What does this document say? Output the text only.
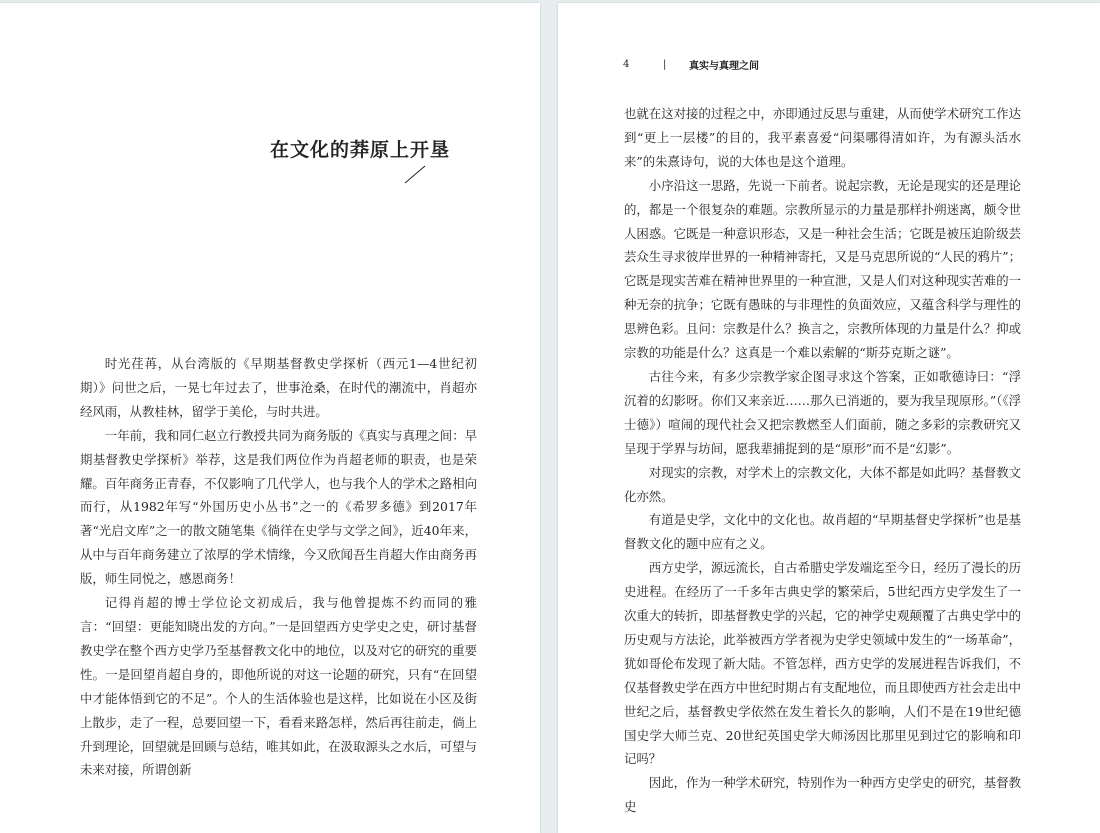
在文化的莽原上开垦

时光荏苒，从台湾版的《早期基督教史学探析（西元1—4世纪初期）》问世之后，一晃七年过去了，世事沧桑，在时代的潮流中，肖超亦经风雨，从教桂林，留学于美伦，与时共进。

一年前，我和同仁赵立行教授共同为商务版的《真实与真理之间：早期基督教史学探析》举荐，这是我们两位作为肖超老师的职责，也是荣耀。百年商务正青春，不仅影响了几代学人，也与我个人的学术之路相向而行，从1982年写“外国历史小丛书”之一的《希罗多德》到2017年著“光启文库”之一的散文随笔集《徜徉在史学与文学之间》，近40年来，从中与百年商务建立了浓厚的学术情缘，今又欣闻吾生肖超大作由商务再版，师生同悦之，感恩商务！

记得肖超的博士学位论文初成后，我与他曾提炼不约而同的雅言：“回望：更能知晓出发的方向。”一是回望西方史学史之史，研讨基督教史学在整个西方史学乃至基督教文化中的地位，以及对它的研究的重要性。一是回望肖超自身的，即他所说的对这一论题的研究，只有“在回望中才能体悟到它的不足”。个人的生活体验也是这样，比如说在小区及街上散步，走了一程，总要回望一下，看看来路怎样，然后再往前走，倘上升到理论，回望就是回顾与总结，唯其如此，在汲取源头之水后，可望与未来对接，所谓创新

4	|	真实与真理之间

也就在这对接的过程之中，亦即通过反思与重建，从而使学术研究工作达到“更上一层楼”的目的，我平素喜爱“问渠哪得清如许，为有源头活水来”的朱熹诗句，说的大体也是这个道理。

小序沿这一思路，先说一下前者。说起宗教，无论是现实的还是理论的，都是一个很复杂的难题。宗教所显示的力量是那样扑朔迷离，颇令世人困惑。它既是一种意识形态，又是一种社会生活；它既是被压迫阶级芸芸众生寻求彼岸世界的一种精神寄托，又是马克思所说的“人民的鸦片”；它既是现实苦难在精神世界里的一种宣泄，又是人们对这种现实苦难的一种无奈的抗争；它既有愚昧的与非理性的负面效应，又蕴含科学与理性的思辨色彩。且问：宗教是什么？换言之，宗教所体现的力量是什么？抑或宗教的功能是什么？这真是一个难以索解的“斯芬克斯之谜”。

古往今来，有多少宗教学家企图寻求这个答案，正如歌德诗曰：“浮沉着的幻影呀。你们又来亲近……那久已消逝的，要为我呈现原形。”（《浮士德》）喧闹的现代社会又把宗教燃至人们面前，随之多彩的宗教研究又呈现于学界与坊间，愿我辈捕捉到的是“原形”而不是“幻影”。

对现实的宗教，对学术上的宗教文化，大体不都是如此吗？基督教文化亦然。

有道是史学，文化中的文化也。故肖超的“早期基督史学探析”也是基督教文化的题中应有之义。

西方史学，源远流长，自古希腊史学发端迄至今日，经历了漫长的历史进程。在经历了一千多年古典史学的繁荣后，5世纪西方史学发生了一次重大的转折，即基督教史学的兴起，它的神学史观颠覆了古典史学中的历史观与方法论，此举被西方学者视为史学史领域中发生的“一场革命”，犹如哥伦布发现了新大陆。不管怎样，西方史学的发展进程告诉我们，不仅基督教史学在西方中世纪时期占有支配地位，而且即使西方社会走出中世纪之后，基督教史学依然在发生着长久的影响，人们不是在19世纪德国史学大师兰克、20世纪英国史学大师汤因比那里见到过它的影响和印记吗？

因此，作为一种学术研究，特别作为一种西方史学史的研究，基督教史
